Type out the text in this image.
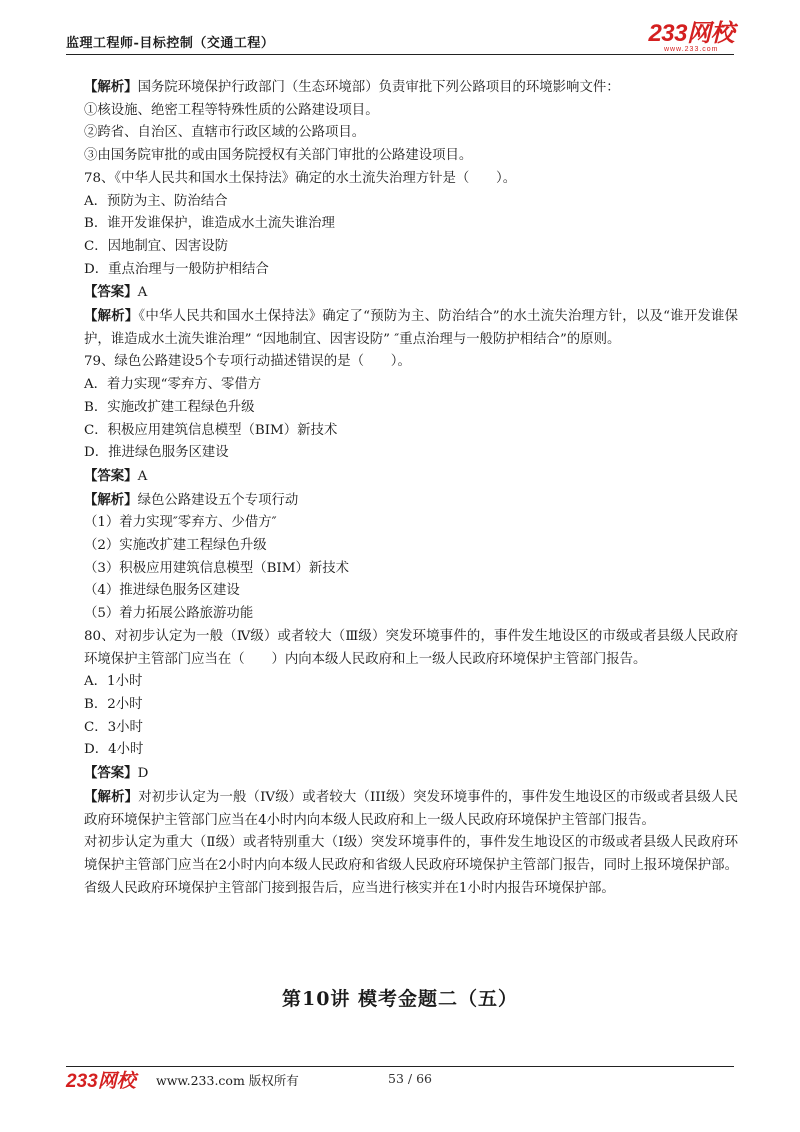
监理工程师-目标控制（交通工程）	233网校
www.233.com

【解析】国务院环境保护行政部门（生态环境部）负责审批下列公路项目的环境影响文件：

①核设施、绝密工程等特殊性质的公路建设项目。

②跨省、自治区、直辖市行政区域的公路项目。

③由国务院审批的或由国务院授权有关部门审批的公路建设项目。

78、《中华人民共和国水土保持法》确定的水土流失治理方针是（　　）。

A．预防为主、防治结合

B．谁开发谁保护，谁造成水土流失谁治理

C．因地制宜、因害设防

D．重点治理与一般防护相结合

【答案】A

【解析】《中华人民共和国水土保持法》确定了“预防为主、防治结合”的水土流失治理方针，以及“谁开发谁保护，谁造成水土流失谁治理” “因地制宜、因害设防” ″重点治理与一般防护相结合”的原则。

79、绿色公路建设5个专项行动描述错误的是（　　）。

A．着力实现“零弃方、零借方

B．实施改扩建工程绿色升级

C．积极应用建筑信息模型（BIM）新技术

D．推进绿色服务区建设

【答案】A

【解析】绿色公路建设五个专项行动

（1）着力实现″零弃方、少借方″

（2）实施改扩建工程绿色升级

（3）积极应用建筑信息模型（BIM）新技术

（4）推进绿色服务区建设

（5）着力拓展公路旅游功能

80、对初步认定为一般（Ⅳ级）或者较大（Ⅲ级）突发环境事件的，事件发生地设区的市级或者县级人民政府环境保护主管部门应当在（　　）内向本级人民政府和上一级人民政府环境保护主管部门报告。

A．1小时

B．2小时

C．3小时

D．4小时

【答案】D

【解析】对初步认定为一般（IV级）或者较大（III级）突发环境事件的，事件发生地设区的市级或者县级人民政府环境保护主管部门应当在4小时内向本级人民政府和上一级人民政府环境保护主管部门报告。

对初步认定为重大（Ⅱ级）或者特别重大（I级）突发环境事件的，事件发生地设区的市级或者县级人民政府环境保护主管部门应当在2小时内向本级人民政府和省级人民政府环境保护主管部门报告，同时上报环境保护部。省级人民政府环境保护主管部门接到报告后，应当进行核实并在1小时内报告环境保护部。

第10讲 模考金题二（五）
233网校 www.233.com 版权所有	53 / 66
